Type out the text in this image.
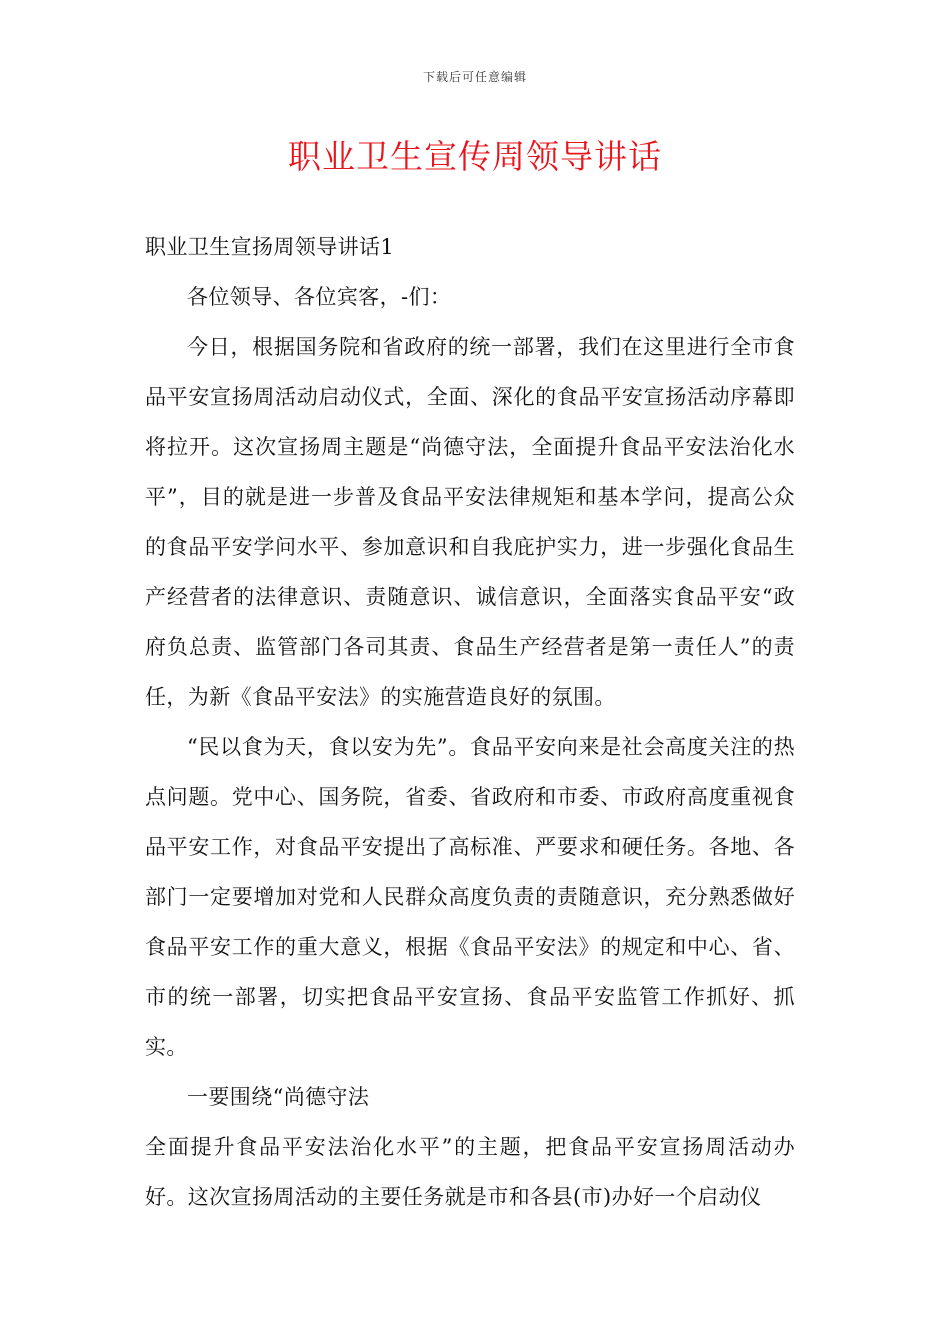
下载后可任意编辑
职业卫生宣传周领导讲话

职业卫生宣扬周领导讲话1

各位领导、各位宾客，-们：

今日，根据国务院和省政府的统一部署，我们在这里进行全市食品平安宣扬周活动启动仪式，全面、深化的食品平安宣扬活动序幕即将拉开。这次宣扬周主题是“尚德守法，全面提升食品平安法治化水平”，目的就是进一步普及食品平安法律规矩和基本学问，提高公众的食品平安学问水平、参加意识和自我庇护实力，进一步强化食品生产经营者的法律意识、责随意识、诚信意识，全面落实食品平安“政府负总责、监管部门各司其责、食品生产经营者是第一责任人”的责任，为新《食品平安法》的实施营造良好的氛围。

“民以食为天，食以安为先”。食品平安向来是社会高度关注的热点问题。党中心、国务院，省委、省政府和市委、市政府高度重视食品平安工作，对食品平安提出了高标准、严要求和硬任务。各地、各部门一定要增加对党和人民群众高度负责的责随意识，充分熟悉做好食品平安工作的重大意义，根据《食品平安法》的规定和中心、省、市的统一部署，切实把食品平安宣扬、食品平安监管工作抓好、抓实。

一要围绕“尚德守法

全面提升食品平安法治化水平”的主题，把食品平安宣扬周活动办好。这次宣扬周活动的主要任务就是市和各县(市)办好一个启动仪
